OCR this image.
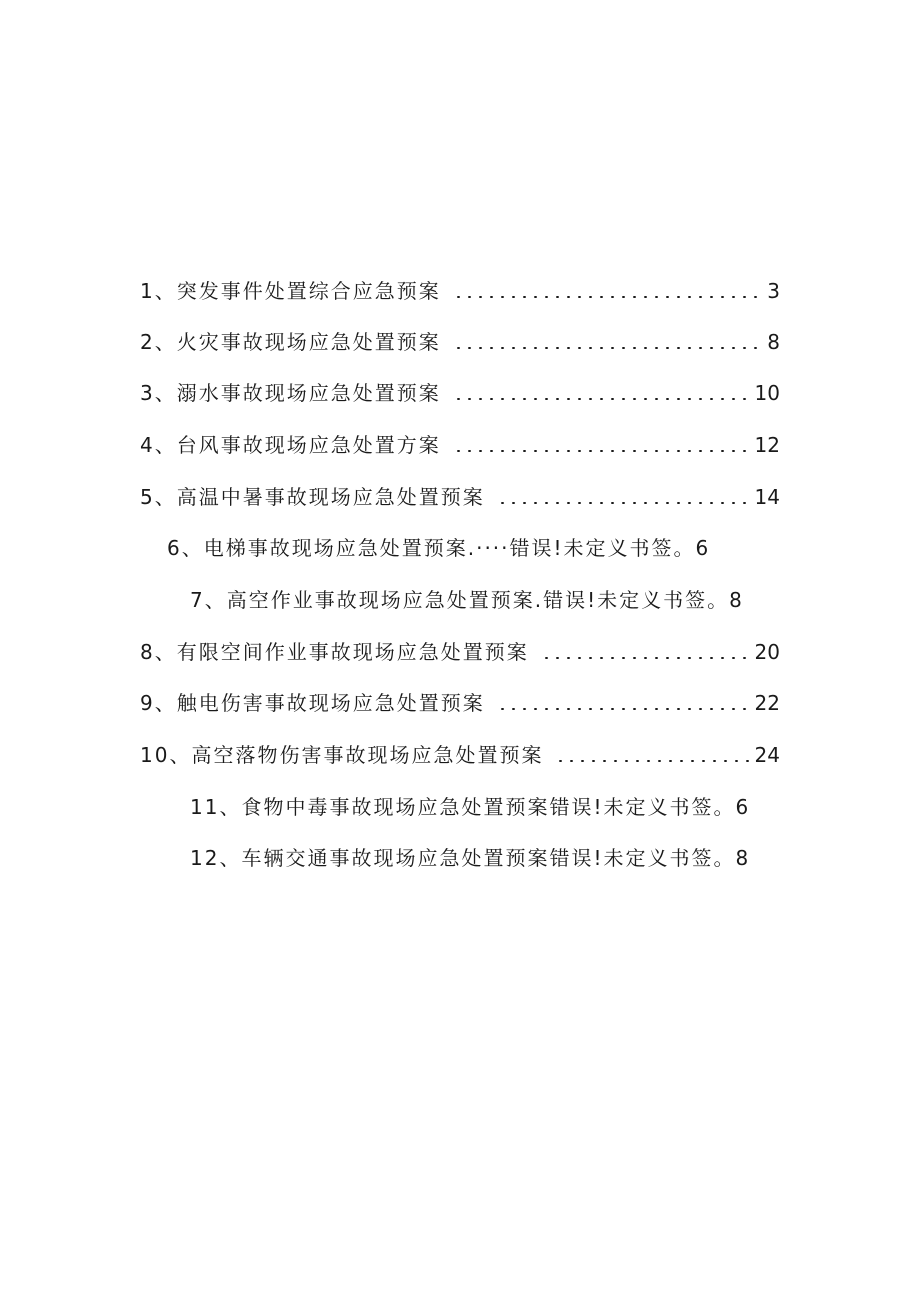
1、突发事件处置综合应急预案	3
2、火灾事故现场应急处置预案	8
3、溺水事故现场应急处置预案	10
4、台风事故现场应急处置方案	12
5、高温中暑事故现场应急处置预案	14
6、电梯事故现场应急处置预案.····错误!未定义书签。6
7、高空作业事故现场应急处置预案.错误!未定义书签。8
8、有限空间作业事故现场应急处置预案	20
9、触电伤害事故现场应急处置预案	22
10、高空落物伤害事故现场应急处置预案	24
11、食物中毒事故现场应急处置预案错误!未定义书签。6
12、车辆交通事故现场应急处置预案错误!未定义书签。8
